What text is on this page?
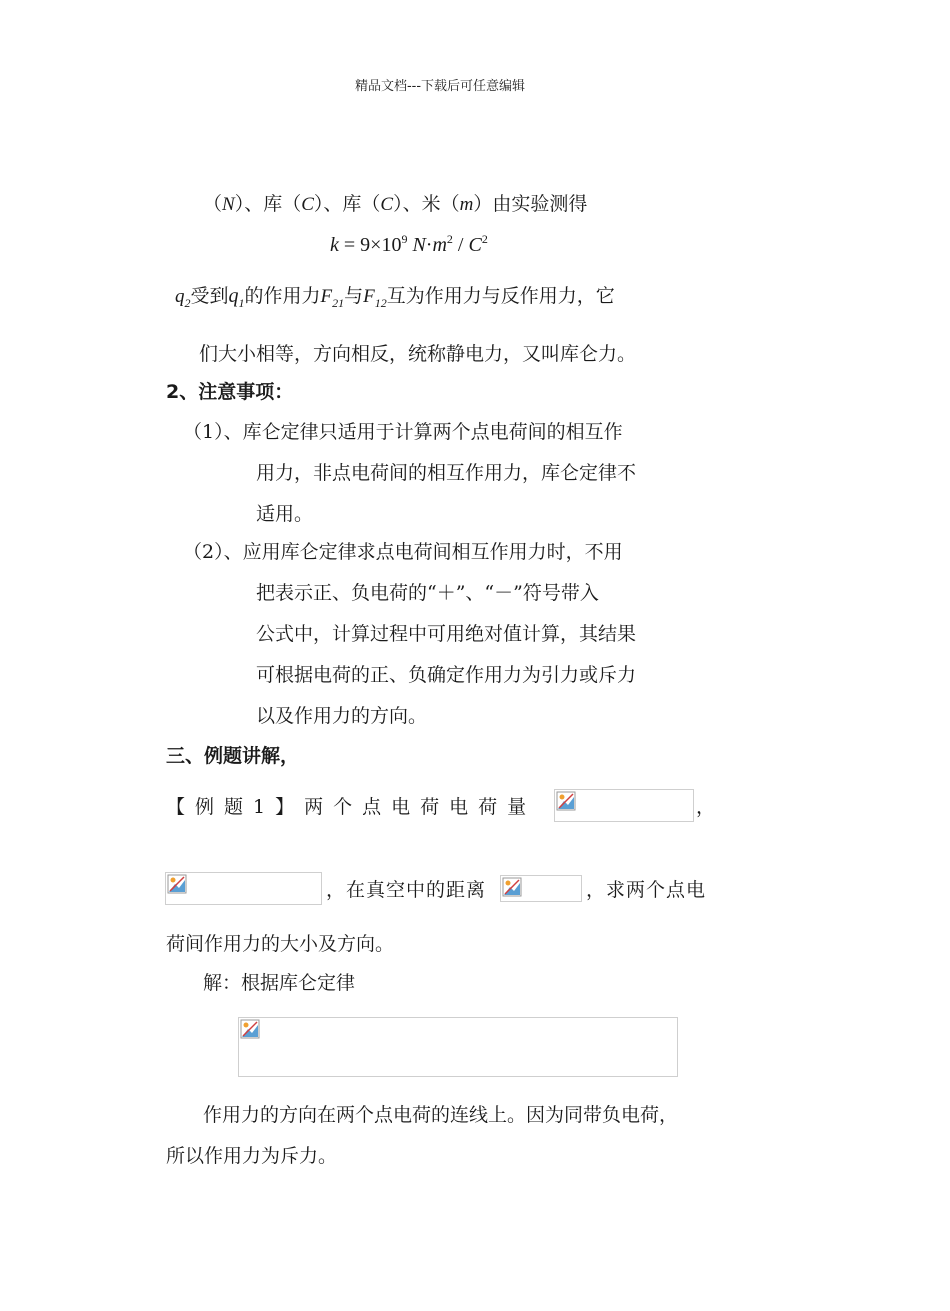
精品文档---下载后可任意编辑
（N）、库（C）、库（C）、米（m）由实验测得
$k = 9\times 10^9$ $N\cdot m^2 / C^2$
$q_2$受到$q_1$的作用力$F_{21}$与$F_{12}$互为作用力与反作用力，它
们大小相等，方向相反，统称静电力，又叫库仑力。
2、注意事项：
（1）、库仑定律只适用于计算两个点电荷间的相互作
用力，非点电荷间的相互作用力，库仑定律不
适用。
（2）、应用库仑定律求点电荷间相互作用力时，不用
把表示正、负电荷的“＋”、“－”符号带入
公式中，计算过程中可用绝对值计算，其结果
可根据电荷的正、负确定作用力为引力或斥力
以及作用力的方向。
三、例题讲解，
【例题1】两个点电荷电荷量	，
，在真空中的距离	，求两个点电
荷间作用力的大小及方向。
解：根据库仑定律
作用力的方向在两个点电荷的连线上。因为同带负电荷，
所以作用力为斥力。
